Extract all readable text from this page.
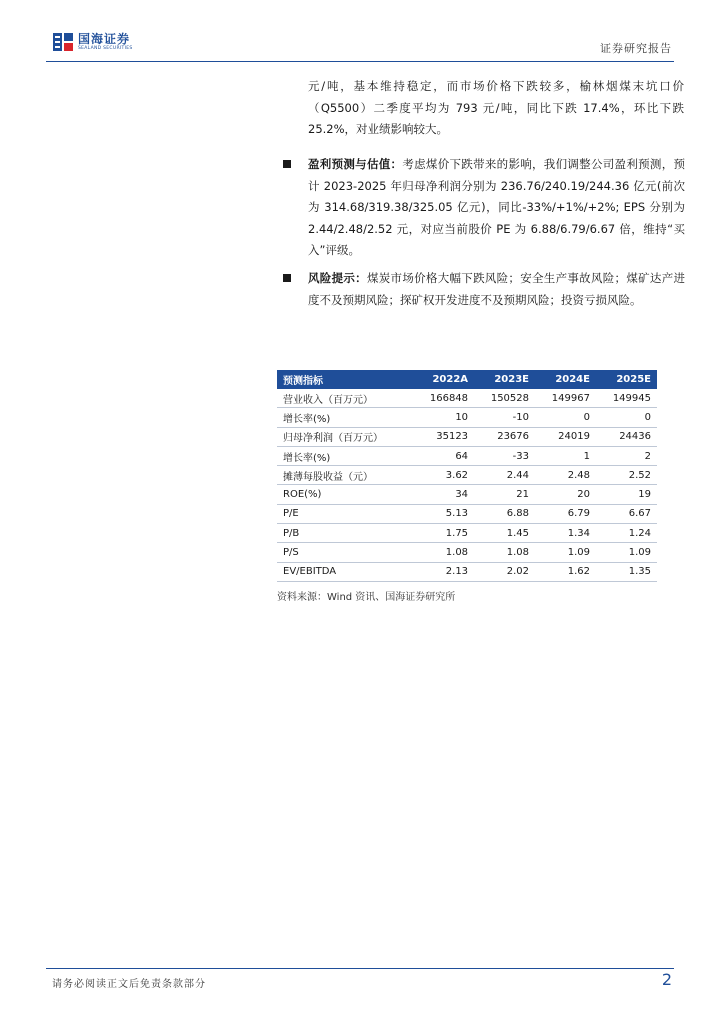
国海证券
SEALAND SECURITIES	证券研究报告

元/吨，基本维持稳定，而市场价格下跌较多，榆林烟煤末坑口价（Q5500）二季度平均为 793 元/吨，同比下跌 17.4%，环比下跌 25.2%，对业绩影响较大。

盈利预测与估值：考虑煤价下跌带来的影响，我们调整公司盈利预测，预计 2023-2025 年归母净利润分别为 236.76/240.19/244.36 亿元(前次为 314.68/319.38/325.05 亿元)，同比-33%/+1%/+2%; EPS 分别为 2.44/2.48/2.52 元，对应当前股价 PE 为 6.88/6.79/6.67 倍，维持“买入”评级。
风险提示：煤炭市场价格大幅下跌风险；安全生产事故风险；煤矿达产进度不及预期风险；探矿权开发进度不及预期风险；投资亏损风险。
预测指标	2022A	2023E	2024E	2025E
营业收入（百万元）	166848	150528	149967	149945
增长率(%)	10	-10	0	0
归母净利润（百万元）	35123	23676	24019	24436
增长率(%)	64	-33	1	2
摊薄每股收益（元）	3.62	2.44	2.48	2.52
ROE(%)	34	21	20	19
P/E	5.13	6.88	6.79	6.67
P/B	1.75	1.45	1.34	1.24
P/S	1.08	1.08	1.09	1.09
EV/EBITDA	2.13	2.02	1.62	1.35
资料来源：Wind 资讯、国海证券研究所
请务必阅读正文后免责条款部分	2
